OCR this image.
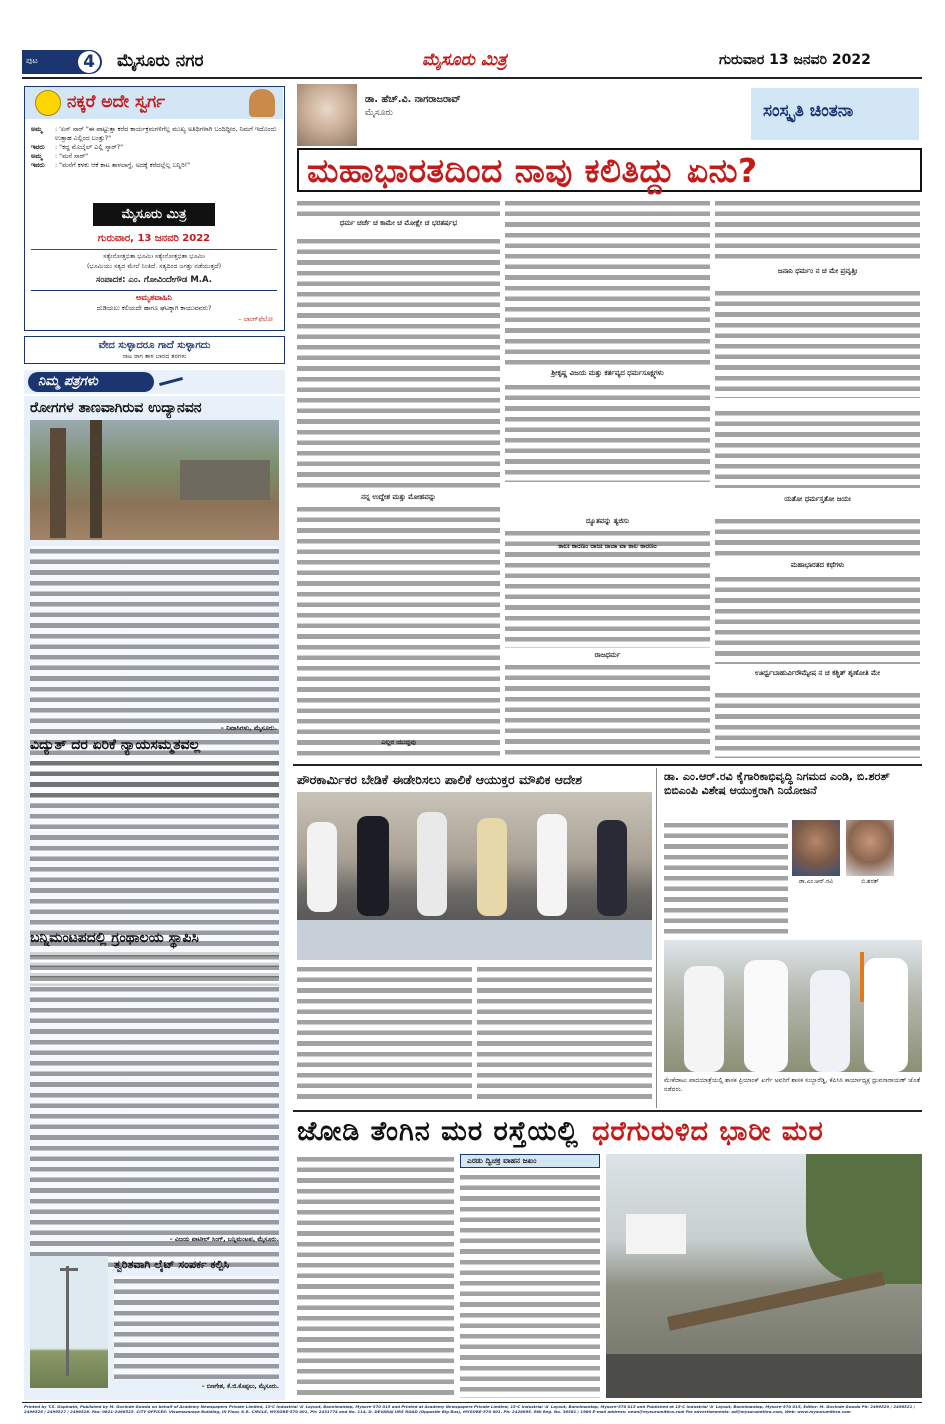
ಪುಟ	4 ಮೈಸೂರು ನಗರ	ಮೈಸೂರು ಮಿತ್ರ	ಗುರುವಾರ 13 ಜನವರಿ 2022
ನಕ್ಕರೆ ಅದೇ ಸ್ವರ್ಗ
ಅಮ್ಮ	: 'ಏನ್ ಸಾರ್ "ಈ ಪಾಟ್ಟುತ್ತಾ ಕರೆದ ಕಾರ್ಯಕ್ರಮಗಳಿಗೆಲ್ಲ ಮುಖ್ಯ ಅತಿಥಿಗಳಾಗಿ ಬಂದಿದ್ದೀರ, ನಿಮಗೆ ಇದೊಂದು ಉತ್ಸಾಹ ಎಲ್ಲಿಂದ ಬಂತ್ತು?"
ಇವರು	: "ಕದ್ದ ಮೊಬೈಲ್ ಎಲ್ಲಿ ಸ್ಕಾರ್?"
ಅಮ್ಮ	: "ಮನೆ ಸಾರ್"
ಇವರು	: "ಮನೆಗೆ ಕಳಕು ಆಕೆ ಕಾಟ ತಾಳಲಾಗ್ದೆ, ಅದಕ್ಕೆ ಕರೆದಲ್ಲೆಲ್ಲ ಬನ್ನಿರಿ!"
ಮೈಸೂರು ಮಿತ್ರ
ಗುರುವಾರ, 13 ಜನವರಿ 2022
ಸತ್ಯೇನೋತ್ತಭಿತಾ ಭೂಮಿಃ ಸತ್ಯೇನೋತ್ತಭಿತಾ ಭೂಮಿಃ
(ಭೂಮಿಯು ಸತ್ಯದ ಮೇಲೆ ನಿಂತಿದೆ. ಸತ್ಯದಿಂದ ಜಗತ್ತು ನಡೆಯುತ್ತದೆ)
ಸಂಪಾದಕ: ಎಂ. ಗೋವಿಂದೇಗೌಡ M.A.
ಅಮೃತವಾಹಿನಿ
ದುಡಿಯಲು ಕಲಿಯದೇ ಹಾಗೂ ಘಟಕ್ಕಾಗಿ ಕಾಯುವವರು?
– ಲಾಂಗ್‌ಫೆಲೋ
ವೇದ ಸುಳ್ಳಾದರೂ ಗಾದೆ ಸುಳ್ಳಾಗದು
ನಾಟ ರಾಗ ತಾಳ ಬಾರದ ತರಗಳು
ನಿಮ್ಮ ಪತ್ರಗಳು
ರೋಗಗಳ ತಾಣವಾಗಿರುವ ಉದ್ಯಾನವನ
– ನಿವಾಸಿಗಳು, ಮೈಸೂರು.
ವಿದ್ಯುತ್ ದರ ಏರಿಕೆ ನ್ಯಾಯಸಮ್ಮತವಲ್ಲ
ಬನ್ನಿಮಂಟಪದಲ್ಲಿ ಗ್ರಂಥಾಲಯ ಸ್ಥಾಪಿಸಿ
– ವಿಜಯ ಪಾಟೀಲ್ ಸಿಂಗ್, ಬನ್ನಿಮಂಟಪ, ಮೈಸೂರು.
ತ್ವರಿತವಾಗಿ ಲೈಟ್ ಸಂಪರ್ಕ ಕಲ್ಪಿಸಿ
– ಬಿಣಗೇಶ, ಕೆ.ಜಿ.ಕೊಪ್ಪಲು, ಮೈಸೂರು.
ಡಾ. ಹೆಚ್.ವಿ. ನಾಗರಾಜರಾವ್
ಮೈಸೂರು	ಸಂಸ್ಕೃತಿ ಚಿಂತನಾ
ಮಹಾಭಾರತದಿಂದ ನಾವು ಕಲಿತಿದ್ದು ಏನು?
ಧರ್ಮ ಚರ್ಚೆ ಚ ಕಾಮೇ ಚ ಮೋಕ್ಷೇ ಚ ಭರತರ್ಷಭ
ನನ್ನ ಉದ್ದೇಶ ಮತ್ತು ಮೋಹವನ್ನು
ಶ್ರೀಕೃಷ್ಣ ವಿಜಯ ಮತ್ತು ಕರ್ತವ್ಯದ ಧರ್ಮಸೂಕ್ಷ್ಮಗಳು
ದ್ಯೂತವನ್ನು ತ್ಯಜಿಸು
ರಾಜಧರ್ಮ
ಜನಾನಿ ಧರ್ಮಂ ನ ಚ ಮೇ ಪ್ರವೃತ್ತಿಃ
ಯತೋ ಧರ್ಮಸ್ತತೋ ಜಯಃ
ಮಹಾಭಾರತದ ಕಥೆಗಳು
ಊರ್ಧ್ವಬಾಹುರ್ವಿರೌಮ್ಯೇಷ ನ ಚ ಕಶ್ಚಿತ್ ಶೃಣೋತಿ ಮೇ
ಕಾಲಃ ಕಾರಣಂ ರಾಜಃ ರಾಜಾ ವಾ ಕಾಲ ಕಾರಣಂ
ಎಲ್ಲರ ಯುದ್ದವು
ಪೌರಕಾರ್ಮಿಕರ ಬೇಡಿಕೆ ಈಡೇರಿಸಲು ಪಾಲಿಕೆ ಆಯುಕ್ತರ ಮೌಖಿಕ ಆದೇಶ	ಡಾ. ಎಂ.ಆರ್.ರವಿ ಕೈಗಾರಿಕಾಭಿವೃದ್ಧಿ ನಿಗಮದ ಎಂಡಿ, ಬಿ.ಶರತ್ ಬಿಬಿಎಂಪಿ ವಿಶೇಷ ಆಯುಕ್ತರಾಗಿ ನಿಯೋಜನೆ
ಡಾ.ಎಂ.ಆರ್.ರವಿ	ಬಿ.ಶರತ್
ಮೇಕೆದಾಟು ಪಾದಯಾತ್ರೆಯಲ್ಲಿ ಶಾಸಕ ಪ್ರಿಯಾಂಕ್ ಖರ್ಗೆ ಅವರಿಗೆ ಶಾಸಕ ಸುಬ್ಬಾರೆಡ್ಡಿ, ಕೆಪಿಸಿಸಿ ಕಾರ್ಯಾಧ್ಯಕ್ಷ ಧ್ರುವನಾರಾಯಣ್ ಜೊತೆ ನಡೆದರು.
ಜೋಡಿ ತೆಂಗಿನ ಮರ ರಸ್ತೆಯಲ್ಲಿ ಧರೆಗುರುಳಿದ ಭಾರೀ ಮರ
ಎರಡು ದ್ವಿಚಕ್ರ ವಾಹನ ಜಖಂ
Printed by T.S. Gopinath, Published by M. Govinde Gowda on behalf of Academy Newspapers Private Limited, 15-C Industrial 'A' Layout, Bannimantap, Mysore-570 015 and Printed at Academy Newspapers Private Limited, 15-C Industrial 'A' Layout, Bannimantap, Mysore-570 015 and Published at 15-C Industrial 'A' Layout, Bannimantap, Mysore-570 015, Editor: M. Govinde Gowda Ph: 2496520 / 2496521 / 2496526 / 2496527 / 2496528. Fax: 0821-2496525. CITY OFFICES: Visweswaraya Building, III Floor, K.R. CIRCLE, MYSORE-570 001, Ph: 2431774 and No. 114, D. DEVARAJ URS ROAD (Opposite Big Bus), MYSORE-570 001. Ph: 2428695. RNI Reg. No. 36581 / 1980 E-mail address: news@mysurumithra.com For advertisements: ad@mysurumithra.com, Web: www.mysurumithra.com
